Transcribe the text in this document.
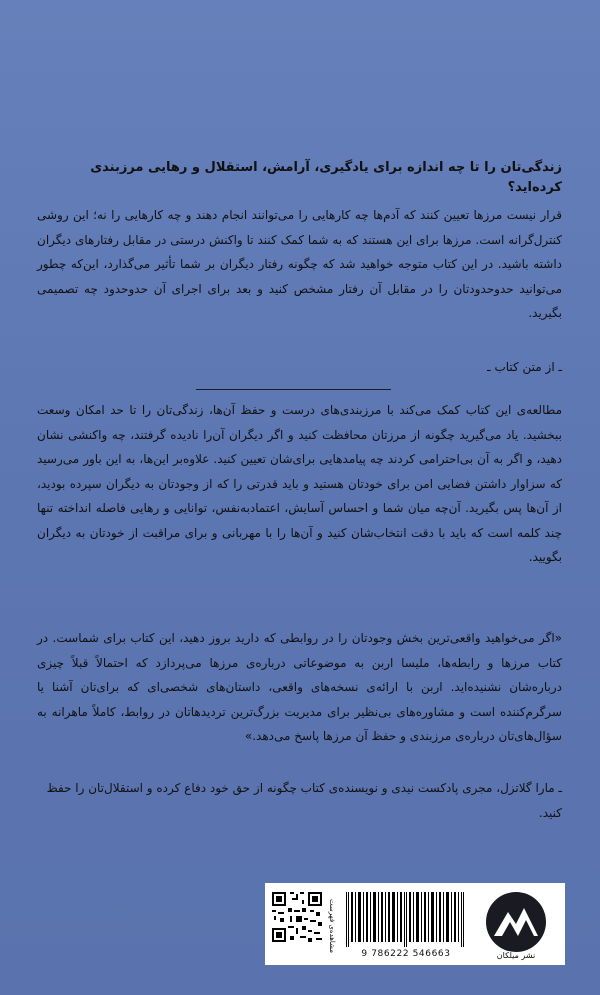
زندگی‌تان را تا چه اندازه برای یادگیری، آرامش، استقلال و رهایی مرزبندی کرده‌اید؟
قرار نیست مرزها تعیین کنند که آدم‌ها چه کارهایی را می‌توانند انجام دهند و چه کارهایی را نه؛ این روشی کنترل‌گرانه است. مرزها برای این هستند که به شما کمک کنند تا واکنش درستی در مقابل رفتارهای دیگران داشته باشید. در این کتاب متوجه خواهید شد که چگونه رفتار دیگران بر شما تأثیر می‌گذارد، این‌که چطور می‌توانید حدوحدودتان را در مقابل آن رفتار مشخص کنید و بعد برای اجرای آن حدوحدود چه تصمیمی بگیرید.
ـ از متن کتاب ـ
مطالعه‌ی این کتاب کمک می‌کند با مرزبندی‌های درست و حفظ آن‌ها، زندگی‌تان را تا حد امکان وسعت ببخشید. یاد می‌گیرید چگونه از مرزتان محافظت کنید و اگر دیگران آن‌را نادیده گرفتند، چه واکنشی نشان دهید، و اگر به آن بی‌احترامی کردند چه پیامدهایی برای‌شان تعیین کنید. علاوه‌بر این‌ها، به این باور می‌رسید که سزاوار داشتن فضایی امن برای خودتان هستید و باید قدرتی را که از وجودتان به دیگران سپرده بودید، از آن‌ها پس بگیرید. آن‌چه میان شما و احساس آسایش، اعتمادبه‌نفس، توانایی و رهایی فاصله انداخته تنها چند کلمه است که باید با دقت انتخاب‌شان کنید و آن‌ها را با مهربانی و برای مراقبت از خودتان به دیگران بگویید.
«اگر می‌خواهید واقعی‌ترین بخش وجودتان را در روابطی که دارید بروز دهید، این کتاب برای شماست. در کتاب مرزها و رابطه‌ها، ملیسا اربن به موضوعاتی درباره‌ی مرزها می‌پردازد که احتمالاً قبلاً چیزی درباره‌شان نشنیده‌اید. اربن با ارائه‌ی نسخه‌های واقعی، داستان‌های شخصی‌ای که برای‌تان آشنا یا سرگرم‌کننده است و مشاوره‌های بی‌نظیر برای مدیریت بزرگ‌ترین تردیدهاتان در روابط، کاملاً ماهرانه به سؤال‌های‌تان درباره‌ی مرزبندی و حفظ آن مرزها پاسخ می‌دهد.»
ـ مارا گلاتزل، مجری پادکست نیدی و نویسنده‌ی کتاب چگونه از حق خود دفاع کرده و استقلال‌تان را حفظ کنید.
مشاهده‌ی فهرست
9 786222 546663	نشر میلکان
